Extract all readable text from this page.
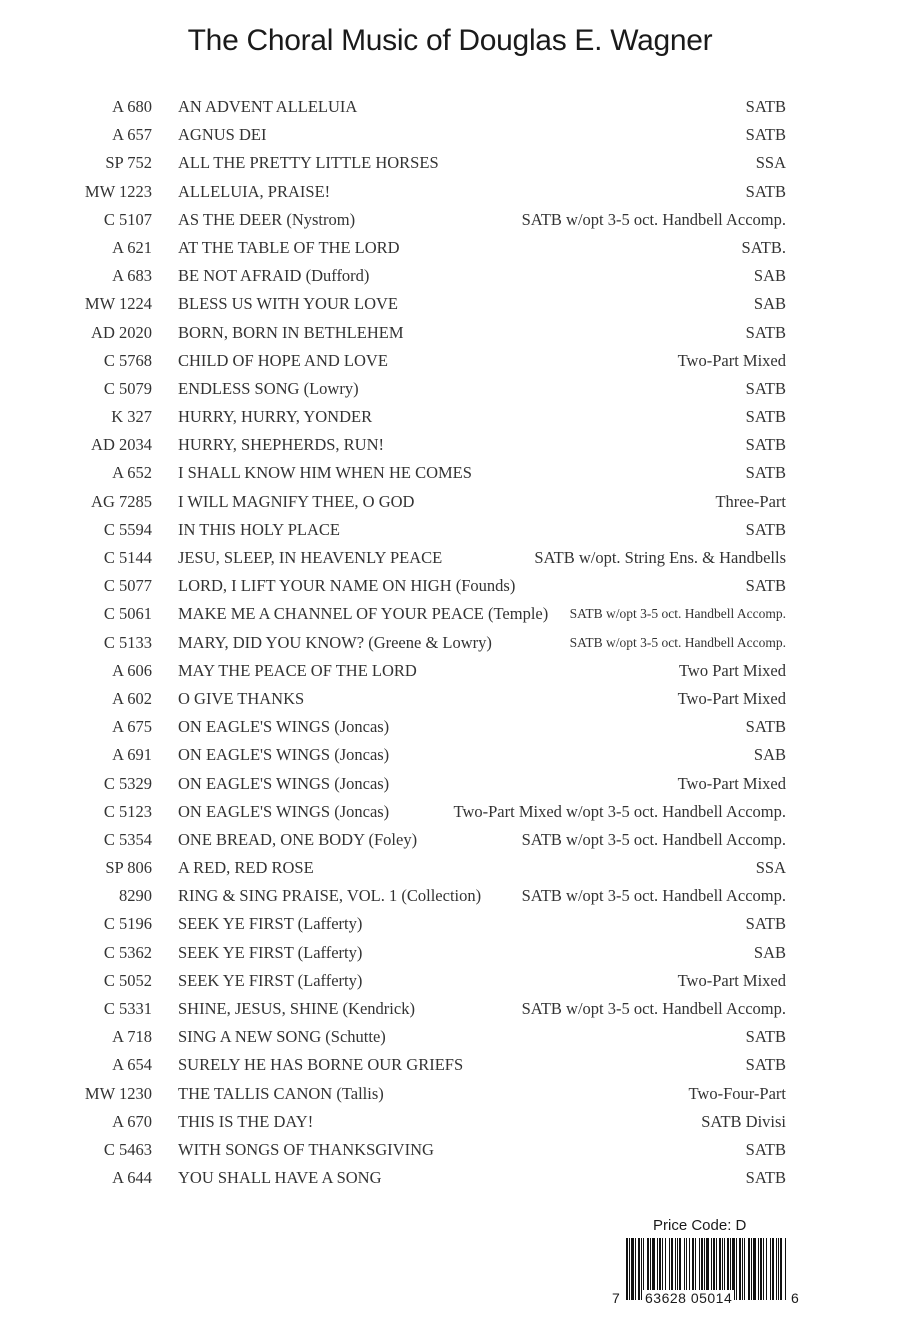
The Choral Music of Douglas E. Wagner
A 680 AN ADVENT ALLELUIA	SATB
A 657 AGNUS DEI	SATB
SP 752 ALL THE PRETTY LITTLE HORSES	SSA
MW 1223 ALLELUIA, PRAISE!	SATB
C 5107 AS THE DEER (Nystrom)	SATB w/opt 3-5 oct. Handbell Accomp.
A 621 AT THE TABLE OF THE LORD	SATB.
A 683 BE NOT AFRAID (Dufford)	SAB
MW 1224 BLESS US WITH YOUR LOVE	SAB
AD 2020 BORN, BORN IN BETHLEHEM	SATB
C 5768 CHILD OF HOPE AND LOVE	Two-Part Mixed
C 5079 ENDLESS SONG (Lowry)	SATB
K 327 HURRY, HURRY, YONDER	SATB
AD 2034 HURRY, SHEPHERDS, RUN!	SATB
A 652 I SHALL KNOW HIM WHEN HE COMES	SATB
AG 7285 I WILL MAGNIFY THEE, O GOD	Three-Part
C 5594 IN THIS HOLY PLACE	SATB
C 5144 JESU, SLEEP, IN HEAVENLY PEACE	SATB w/opt. String Ens. & Handbells
C 5077 LORD, I LIFT YOUR NAME ON HIGH (Founds)	SATB
C 5061 MAKE ME A CHANNEL OF YOUR PEACE (Temple) SATB w/opt 3-5 oct. Handbell Accomp.
C 5133 MARY, DID YOU KNOW? (Greene & Lowry)	SATB w/opt 3-5 oct. Handbell Accomp.
A 606 MAY THE PEACE OF THE LORD	Two Part Mixed
A 602 O GIVE THANKS	Two-Part Mixed
A 675 ON EAGLE'S WINGS (Joncas)	SATB
A 691 ON EAGLE'S WINGS (Joncas)	SAB
C 5329 ON EAGLE'S WINGS (Joncas)	Two-Part Mixed
C 5123 ON EAGLE'S WINGS (Joncas)	Two-Part Mixed w/opt 3-5 oct. Handbell Accomp.
C 5354 ONE BREAD, ONE BODY (Foley)	SATB w/opt 3-5 oct. Handbell Accomp.
SP 806 A RED, RED ROSE	SSA
8290 RING & SING PRAISE, VOL. 1 (Collection) SATB w/opt 3-5 oct. Handbell Accomp.
C 5196 SEEK YE FIRST (Lafferty)	SATB
C 5362 SEEK YE FIRST (Lafferty)	SAB
C 5052 SEEK YE FIRST (Lafferty)	Two-Part Mixed
C 5331 SHINE, JESUS, SHINE (Kendrick)	SATB w/opt 3-5 oct. Handbell Accomp.
A 718 SING A NEW SONG (Schutte)	SATB
A 654 SURELY HE HAS BORNE OUR GRIEFS	SATB
MW 1230 THE TALLIS CANON (Tallis)	Two-Four-Part
A 670 THIS IS THE DAY!	SATB Divisi
C 5463 WITH SONGS OF THANKSGIVING	SATB
A 644 YOU SHALL HAVE A SONG	SATB
Price Code: D
7 63628 05014	6
